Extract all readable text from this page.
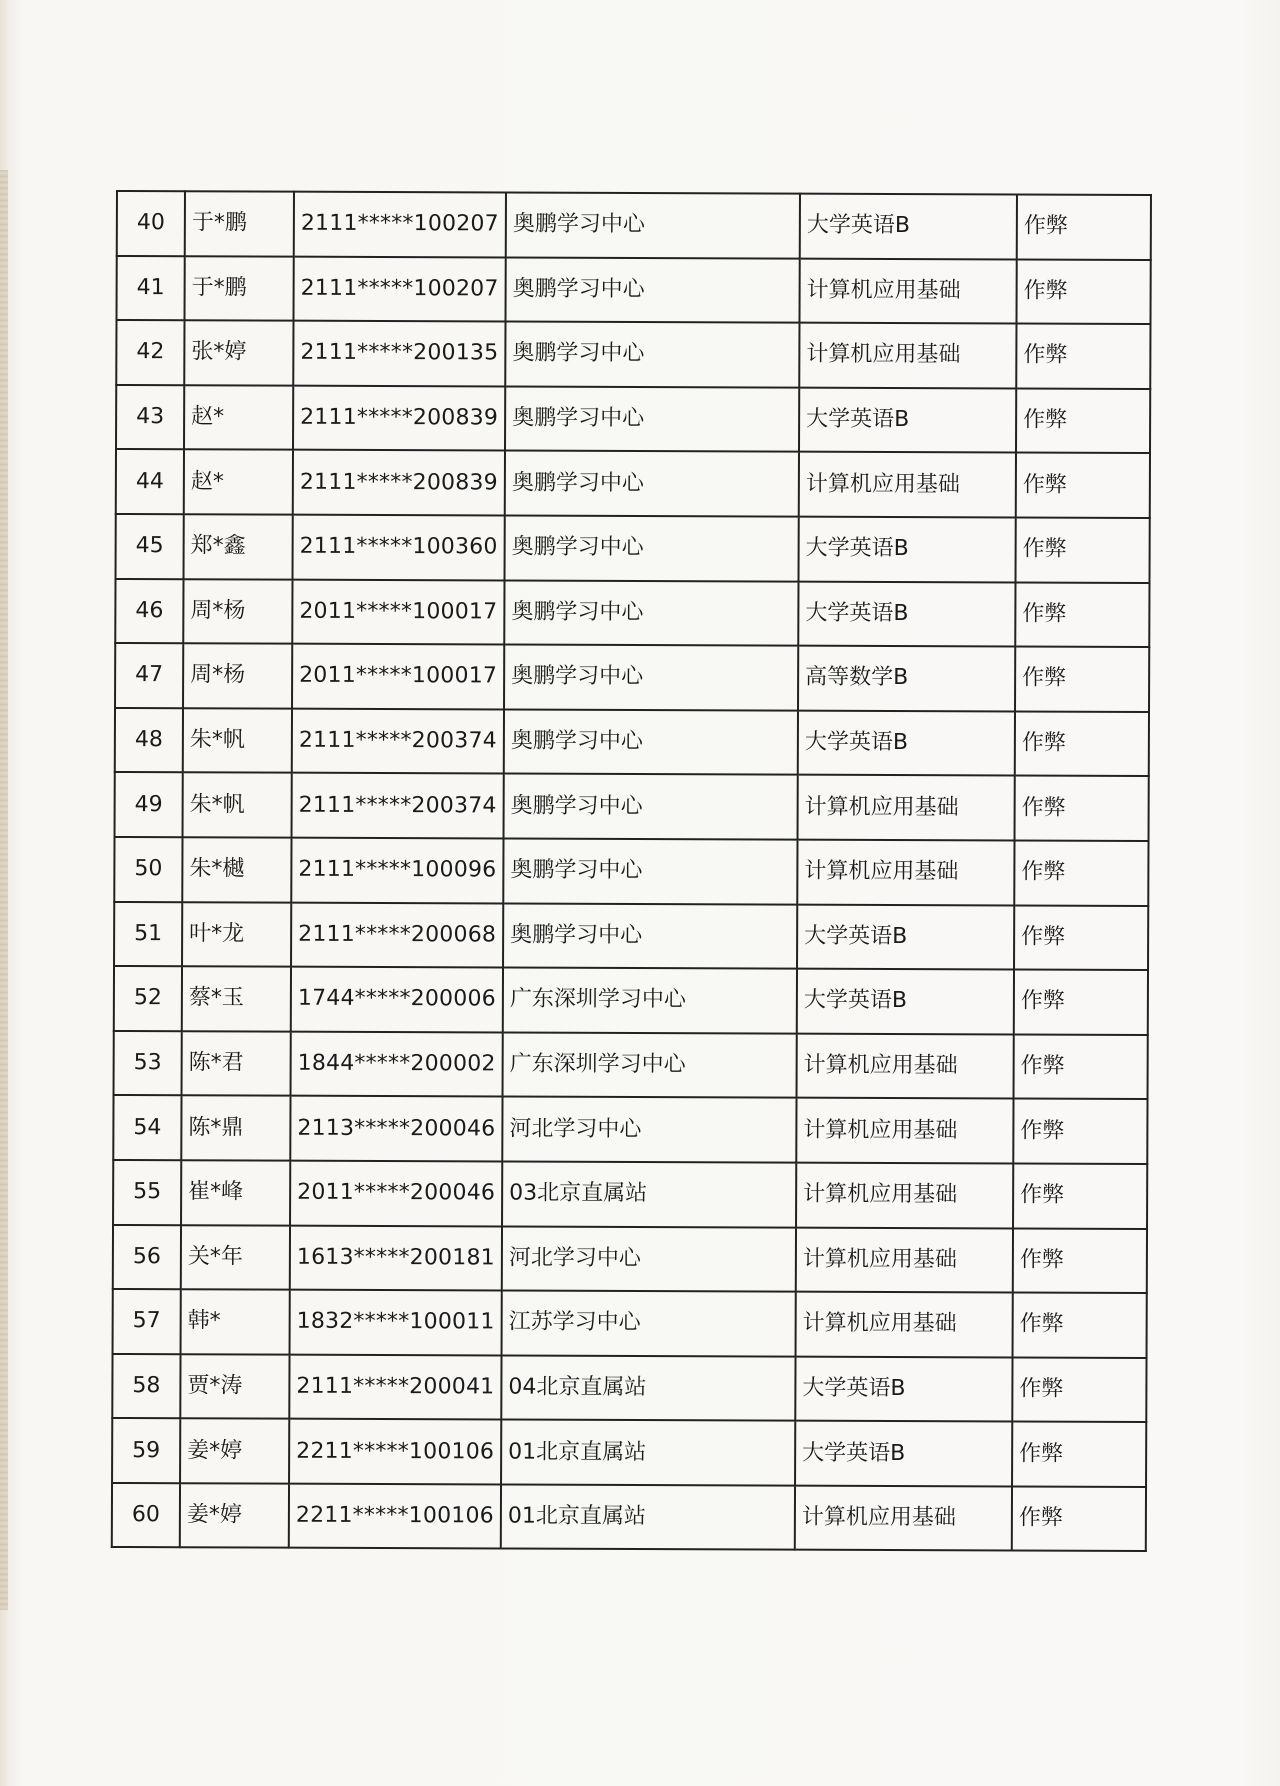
40	于*鹏	2111*****100207	奥鹏学习中心	大学英语B	作弊
41	于*鹏	2111*****100207	奥鹏学习中心	计算机应用基础	作弊
42	张*婷	2111*****200135	奥鹏学习中心	计算机应用基础	作弊
43	赵*	2111*****200839	奥鹏学习中心	大学英语B	作弊
44	赵*	2111*****200839	奥鹏学习中心	计算机应用基础	作弊
45	郑*鑫	2111*****100360	奥鹏学习中心	大学英语B	作弊
46	周*杨	2011*****100017	奥鹏学习中心	大学英语B	作弊
47	周*杨	2011*****100017	奥鹏学习中心	高等数学B	作弊
48	朱*帆	2111*****200374	奥鹏学习中心	大学英语B	作弊
49	朱*帆	2111*****200374	奥鹏学习中心	计算机应用基础	作弊
50	朱*樾	2111*****100096	奥鹏学习中心	计算机应用基础	作弊
51	叶*龙	2111*****200068	奥鹏学习中心	大学英语B	作弊
52	蔡*玉	1744*****200006	广东深圳学习中心	大学英语B	作弊
53	陈*君	1844*****200002	广东深圳学习中心	计算机应用基础	作弊
54	陈*鼎	2113*****200046	河北学习中心	计算机应用基础	作弊
55	崔*峰	2011*****200046	03北京直属站	计算机应用基础	作弊
56	关*年	1613*****200181	河北学习中心	计算机应用基础	作弊
57	韩*	1832*****100011	江苏学习中心	计算机应用基础	作弊
58	贾*涛	2111*****200041	04北京直属站	大学英语B	作弊
59	姜*婷	2211*****100106	01北京直属站	大学英语B	作弊
60	姜*婷	2211*****100106	01北京直属站	计算机应用基础	作弊
